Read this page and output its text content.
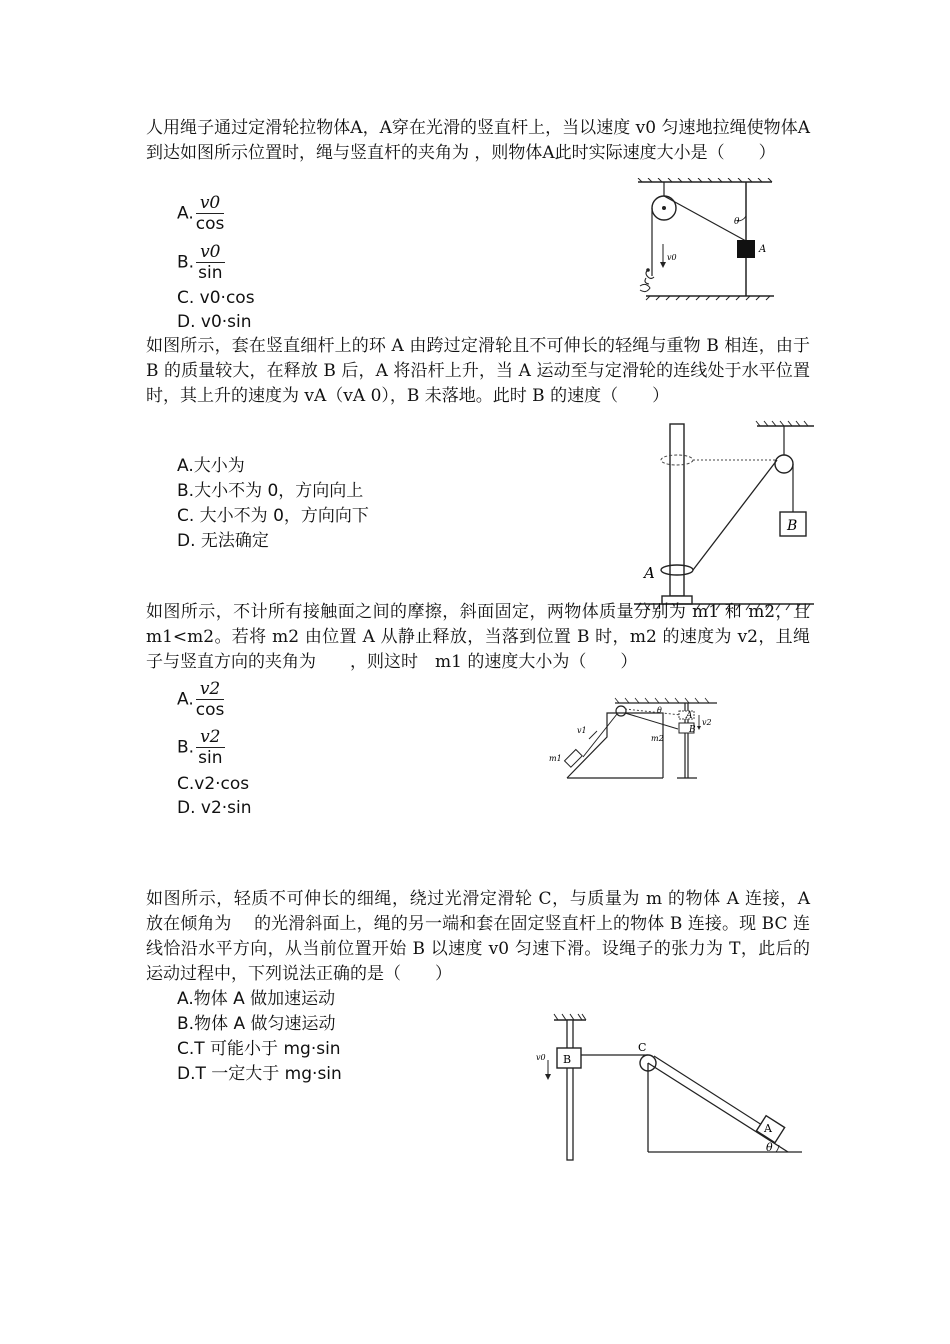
人用绳子通过定滑轮拉物体A，A穿在光滑的竖直杆上，当以速度 v0 匀速地拉绳使物体A到达如图所示位置时，绳与竖直杆的夹角为 ，则物体A此时实际速度大小是（　　）

A. $\frac{v0}{\cos}$
B. $\frac{v0}{\sin}$
C. v0·cos
D. v0·sin
v0
θ
A

如图所示，套在竖直细杆上的环 A 由跨过定滑轮且不可伸长的轻绳与重物 B 相连，由于 B 的质量较大，在释放 B 后，A 将沿杆上升，当 A 运动至与定滑轮的连线处于水平位置时，其上升的速度为 vA（vA 0），B 未落地。此时 B 的速度（　　）

A.大小为
B.大小不为 0，方向向上
C. 大小不为 0，方向向下
D. 无法确定
B
A

如图所示，不计所有接触面之间的摩擦，斜面固定，两物体质量分别为 m1 和 m2，且 m1<m2。若将 m2 由位置 A 从静止释放，当落到位置 B 时，m2 的速度为 v2，且绳子与竖直方向的夹角为　　，则这时　m1 的速度大小为（　　）

A. $\frac{v2}{\cos}$
B. $\frac{v2}{\sin}$
C.v2·cos
D. v2·sin
m1
v1
θ
A
B
m2
v2

如图所示，轻质不可伸长的细绳，绕过光滑定滑轮 C，与质量为 m 的物体 A 连接，A 放在倾角为　 的光滑斜面上，绳的另一端和套在固定竖直杆上的物体 B 连接。现 BC 连线恰沿水平方向，从当前位置开始 B 以速度 v0 匀速下滑。设绳子的张力为 T，此后的运动过程中，下列说法正确的是（　　）

A.物体 A 做加速运动
B.物体 A 做匀速运动
C.T 可能小于 mg·sin
D.T 一定大于 mg·sin
B
v0
C
A
θ
